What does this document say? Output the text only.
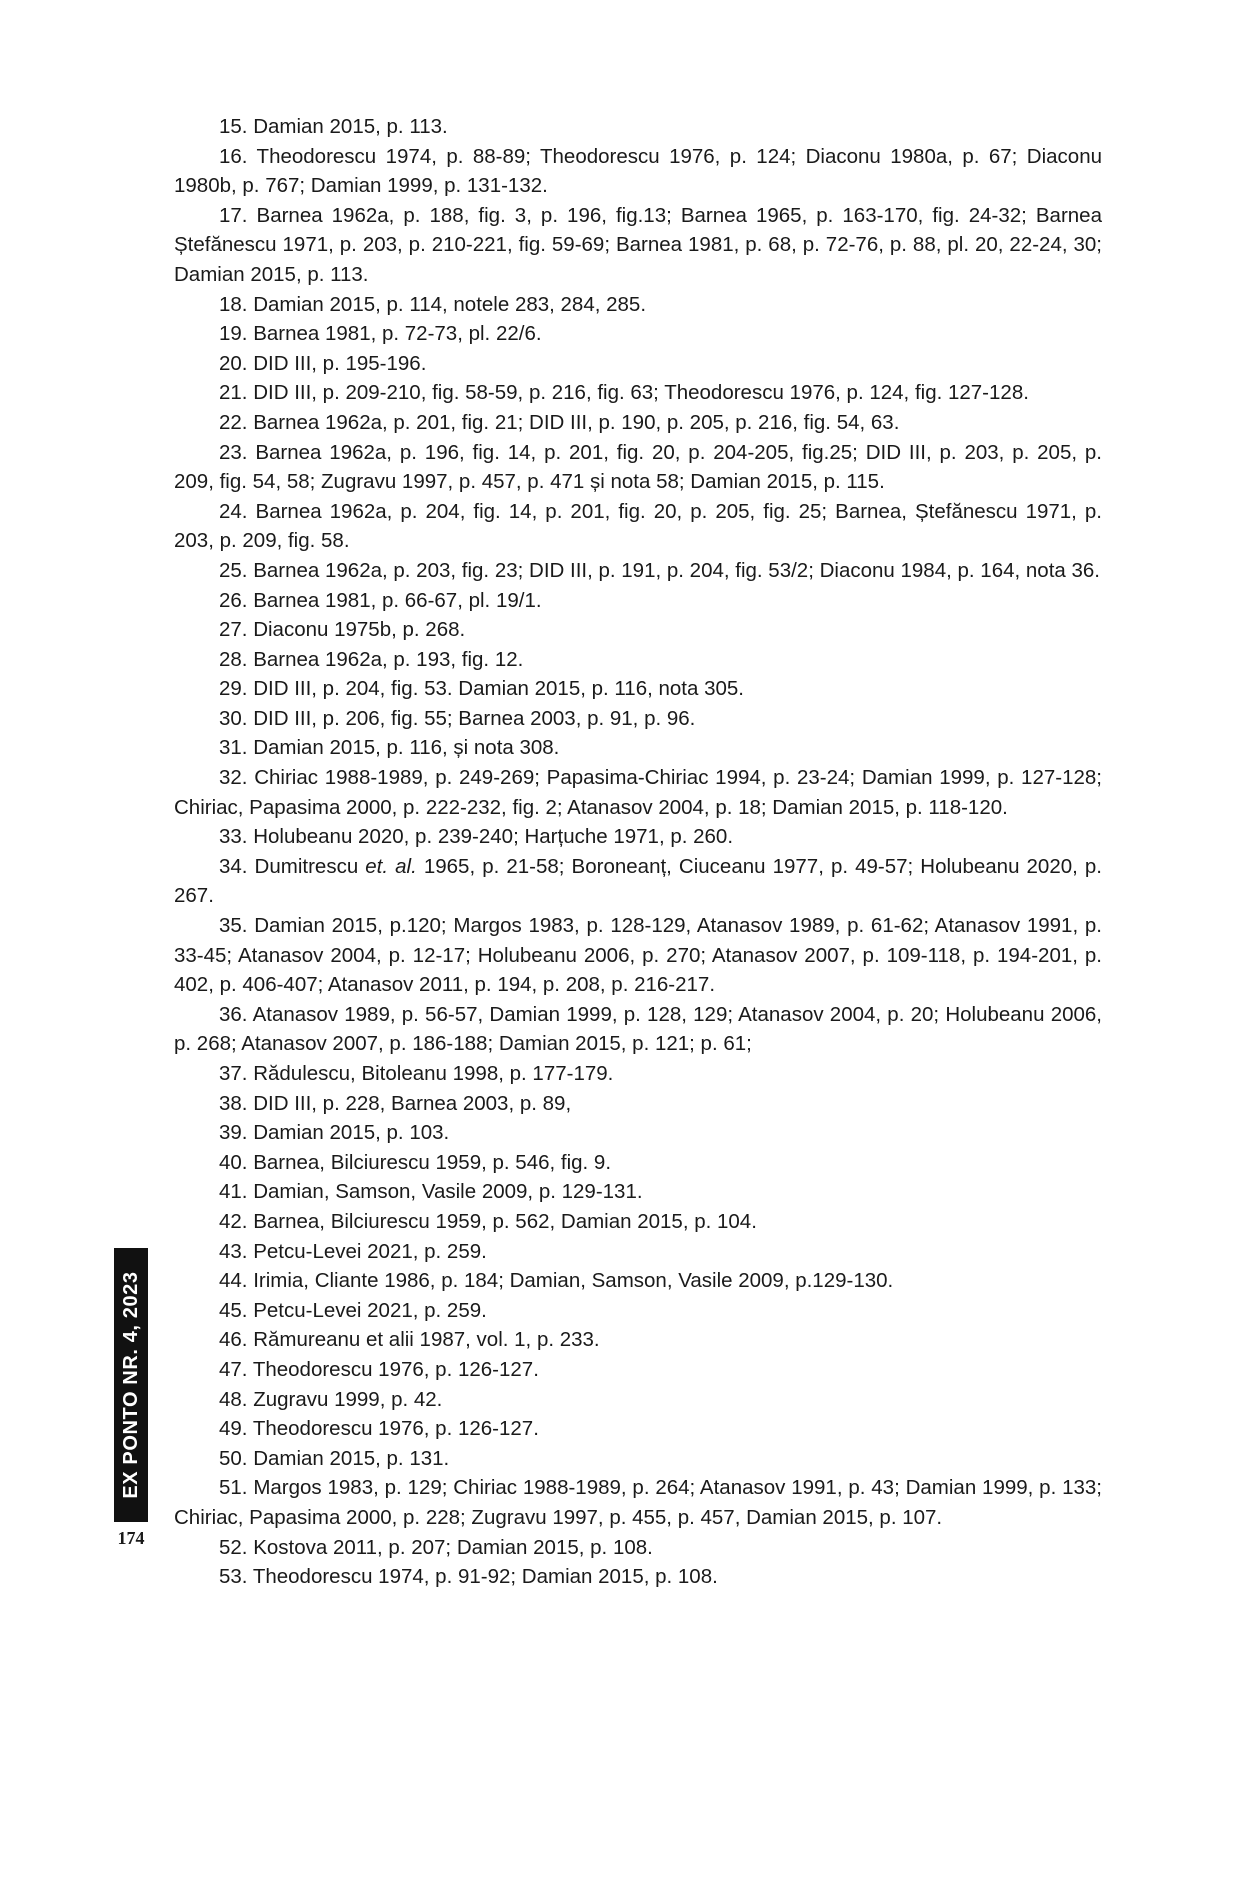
15. Damian 2015, p. 113.

16. Theodorescu 1974, p. 88-89; Theodorescu 1976, p. 124; Diaconu 1980a, p. 67; Diaconu 1980b, p. 767; Damian 1999, p. 131-132.

17. Barnea 1962a, p. 188, fig. 3, p. 196, fig.13; Barnea 1965, p. 163-170, fig. 24-32; Barnea Ștefănescu 1971, p. 203, p. 210-221, fig. 59-69; Barnea 1981, p. 68, p. 72-76, p. 88, pl. 20, 22-24, 30; Damian 2015, p. 113.

18. Damian 2015, p. 114, notele 283, 284, 285.

19. Barnea 1981, p. 72-73, pl. 22/6.

20. DID III, p. 195-196.

21. DID III, p. 209-210, fig. 58-59, p. 216, fig. 63; Theodorescu 1976, p. 124, fig. 127-128.

22. Barnea 1962a, p. 201, fig. 21; DID III, p. 190, p. 205, p. 216, fig. 54, 63.

23. Barnea 1962a, p. 196, fig. 14, p. 201, fig. 20, p. 204-205, fig.25; DID III, p. 203, p. 205, p. 209, fig. 54, 58; Zugravu 1997, p. 457, p. 471 și nota 58; Damian 2015, p. 115.

24. Barnea 1962a, p. 204, fig. 14, p. 201, fig. 20, p. 205, fig. 25; Barnea, Ștefănescu 1971, p. 203, p. 209, fig. 58.

25. Barnea 1962a, p. 203, fig. 23; DID III, p. 191, p. 204, fig. 53/2; Diaconu 1984, p. 164, nota 36.

26. Barnea 1981, p. 66-67, pl. 19/1.

27. Diaconu 1975b, p. 268.

28. Barnea 1962a, p. 193, fig. 12.

29. DID III, p. 204, fig. 53. Damian 2015, p. 116, nota 305.

30. DID III, p. 206, fig. 55; Barnea 2003, p. 91, p. 96.

31. Damian 2015, p. 116, și nota 308.

32. Chiriac 1988-1989, p. 249-269; Papasima-Chiriac 1994, p. 23-24; Damian 1999, p. 127-128; Chiriac, Papasima 2000, p. 222-232, fig. 2; Atanasov 2004, p. 18; Damian 2015, p. 118-120.

33. Holubeanu 2020, p. 239-240; Harțuche 1971, p. 260.

34. Dumitrescu et. al. 1965, p. 21-58; Boroneanț, Ciuceanu 1977, p. 49-57; Holubeanu 2020, p. 267.

35. Damian 2015, p.120; Margos 1983, p. 128-129, Atanasov 1989, p. 61-62; Atanasov 1991, p. 33-45; Atanasov 2004, p. 12-17; Holubeanu 2006, p. 270; Atanasov 2007, p. 109-118, p. 194-201, p. 402, p. 406-407; Atanasov 2011, p. 194, p. 208, p. 216-217.

36. Atanasov 1989, p. 56-57, Damian 1999, p. 128, 129; Atanasov 2004, p. 20; Holubeanu 2006, p. 268; Atanasov 2007, p. 186-188; Damian 2015, p. 121; p. 61;

37. Rădulescu, Bitoleanu 1998, p. 177-179.

38. DID III, p. 228, Barnea 2003, p. 89,

39. Damian 2015, p. 103.

40. Barnea, Bilciurescu 1959, p. 546, fig. 9.

41. Damian, Samson, Vasile 2009, p. 129-131.

42. Barnea, Bilciurescu 1959, p. 562, Damian 2015, p. 104.

43. Petcu-Levei 2021, p. 259.

44. Irimia, Cliante 1986, p. 184; Damian, Samson, Vasile 2009, p.129-130.

45. Petcu-Levei 2021, p. 259.

46. Rămureanu et alii 1987, vol. 1, p. 233.

47. Theodorescu 1976, p. 126-127.

48. Zugravu 1999, p. 42.

49. Theodorescu 1976, p. 126-127.

50. Damian 2015, p. 131.

51. Margos 1983, p. 129; Chiriac 1988-1989, p. 264; Atanasov 1991, p. 43; Damian 1999, p. 133; Chiriac, Papasima 2000, p. 228; Zugravu 1997, p. 455, p. 457, Damian 2015, p. 107.

52. Kostova 2011, p. 207; Damian 2015, p. 108.

53. Theodorescu 1974, p. 91-92; Damian 2015, p. 108.

EX PONTO NR. 4, 2023
174
